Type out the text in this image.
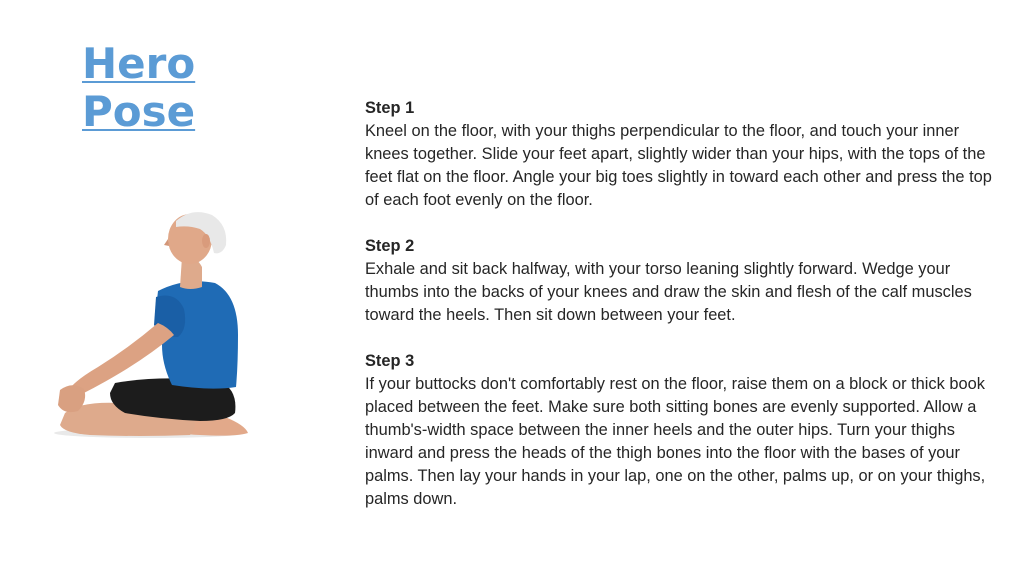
Hero
Pose	Step 1
Kneel on the floor, with your thighs perpendicular to the floor, and touch your inner knees together. Slide your feet apart, slightly wider than your hips, with the tops of the feet flat on the floor. Angle your big toes slightly in toward each other and press the top of each foot evenly on the floor.
Step 2
Exhale and sit back halfway, with your torso leaning slightly forward. Wedge your thumbs into the backs of your knees and draw the skin and flesh of the calf muscles toward the heels. Then sit down between your feet.
Step 3
If your buttocks don't comfortably rest on the floor, raise them on a block or thick book placed between the feet. Make sure both sitting bones are evenly supported. Allow a thumb's-width space between the inner heels and the outer hips. Turn your thighs inward and press the heads of the thigh bones into the floor with the bases of your palms. Then lay your hands in your lap, one on the other, palms up, or on your thighs, palms down.
